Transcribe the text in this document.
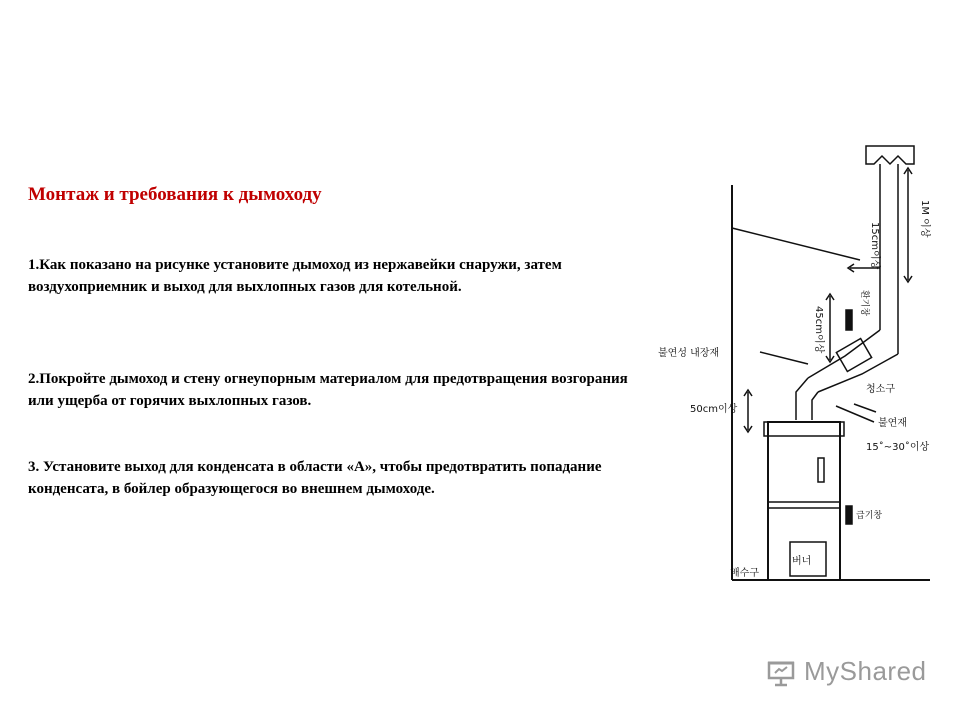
Монтаж и требования к дымоходу

1.Как показано на рисунке установите дымоход из нержавейки снаружи, затем воздухоприемник и выход для выхлопных газов для котельной.

2.Покройте дымоход и стену огнеупорным материалом для предотвращения возгорания или ущерба от горячих выхлопных газов.

3. Установите выход для конденсата в области «А», чтобы предотвратить попадание конденсата, в бойлер образующегося во внешнем дымоходе.

1M 이상
15cm이상
환기창
45cm이상
불연성 내장재
청소구
50cm이상
불연재
15˚~30˚이상
급기창
배수구
버너
MyShared
